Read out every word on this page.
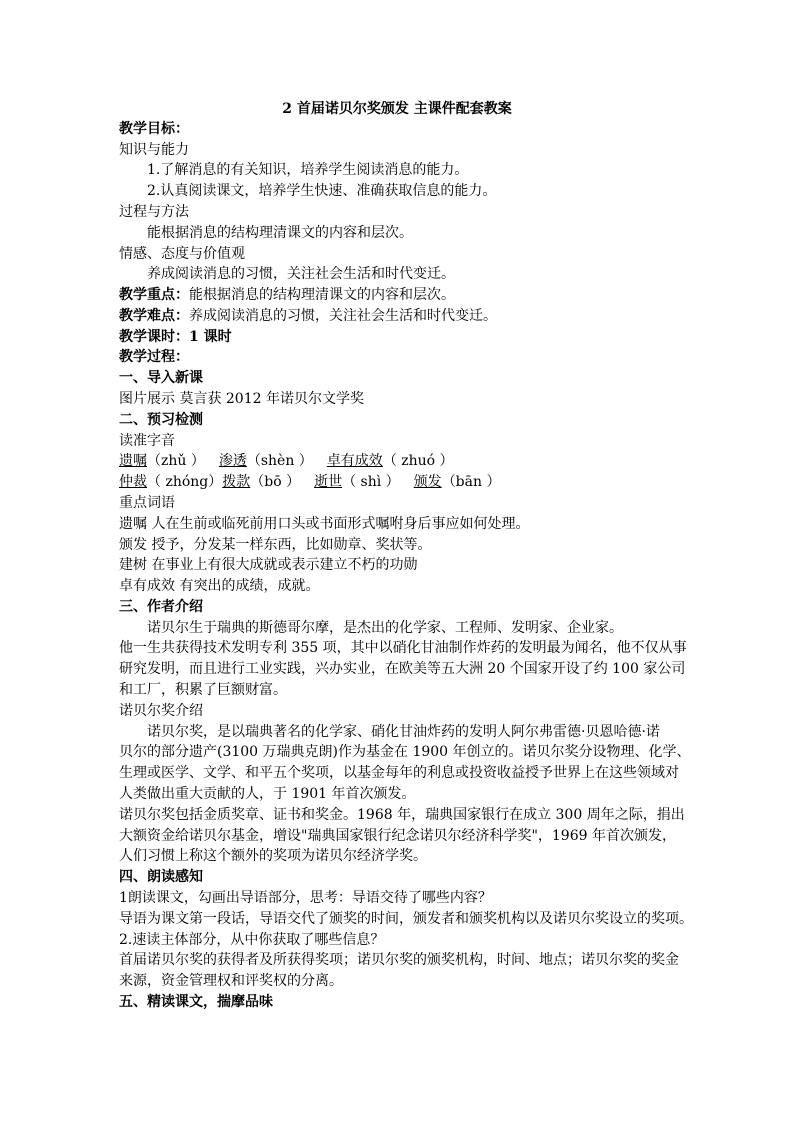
2 首届诺贝尔奖颁发 主课件配套教案
教学目标：
知识与能力
1.了解消息的有关知识，培养学生阅读消息的能力。
2.认真阅读课文，培养学生快速、准确获取信息的能力。
过程与方法
能根据消息的结构理清课文的内容和层次。
情感、态度与价值观
养成阅读消息的习惯，关注社会生活和时代变迁。
教学重点：能根据消息的结构理清课文的内容和层次。
教学难点：养成阅读消息的习惯，关注社会生活和时代变迁。
教学课时：1 课时
教学过程：
一、导入新课
图片展示 莫言获 2012 年诺贝尔文学奖
二、预习检测
读准字音
遗嘱（zhǔ ） 渗透（shèn ） 卓有成效（ zhuó ）
仲裁（ zhóng）拨款（bō ） 逝世（ shì ） 颁发（bān ）
重点词语
遗嘱 人在生前或临死前用口头或书面形式嘱咐身后事应如何处理。
颁发 授予，分发某一样东西，比如勋章、奖状等。
建树 在事业上有很大成就或表示建立不朽的功勋
卓有成效 有突出的成绩，成就。
三、作者介绍
诺贝尔生于瑞典的斯德哥尔摩，是杰出的化学家、工程师、发明家、企业家。
他一生共获得技术发明专利 355 项，其中以硝化甘油制作炸药的发明最为闻名，他不仅从事
研究发明，而且进行工业实践，兴办实业，在欧美等五大洲 20 个国家开设了约 100 家公司
和工厂，积累了巨额财富。
诺贝尔奖介绍
诺贝尔奖，是以瑞典著名的化学家、硝化甘油炸药的发明人阿尔弗雷德·贝恩哈德·诺
贝尔的部分遗产(3100 万瑞典克朗)作为基金在 1900 年创立的。诺贝尔奖分设物理、化学、
生理或医学、文学、和平五个奖项，以基金每年的利息或投资收益授予世界上在这些领域对
人类做出重大贡献的人，于 1901 年首次颁发。
诺贝尔奖包括金质奖章、证书和奖金。1968 年，瑞典国家银行在成立 300 周年之际，捐出
大额资金给诺贝尔基金，增设"瑞典国家银行纪念诺贝尔经济科学奖"，1969 年首次颁发，
人们习惯上称这个额外的奖项为诺贝尔经济学奖。
四、朗读感知
1朗读课文，勾画出导语部分，思考：导语交待了哪些内容？
导语为课文第一段话，导语交代了颁奖的时间，颁发者和颁奖机构以及诺贝尔奖设立的奖项。
2.速读主体部分，从中你获取了哪些信息？
首届诺贝尔奖的获得者及所获得奖项；诺贝尔奖的颁奖机构，时间、地点；诺贝尔奖的奖金
来源，资金管理权和评奖权的分离。
五、精读课文，揣摩品味
